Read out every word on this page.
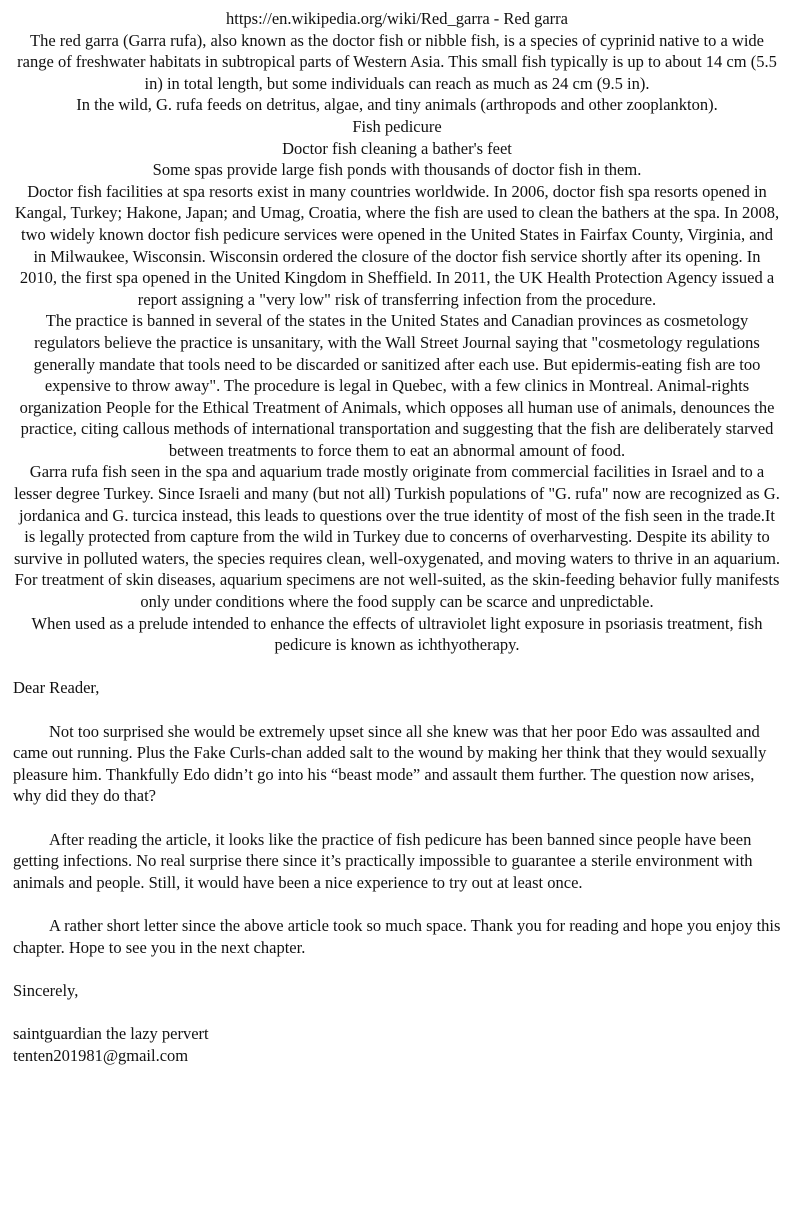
https://en.wikipedia.org/wiki/Red_garra - Red garra

The red garra (Garra rufa), also known as the doctor fish or nibble fish, is a species of cyprinid native to a wide range of freshwater habitats in subtropical parts of Western Asia. This small fish typically is up to about 14 cm (5.5 in) in total length, but some individuals can reach as much as 24 cm (9.5 in).

In the wild, G. rufa feeds on detritus, algae, and tiny animals (arthropods and other zooplankton).

Fish pedicure

Doctor fish cleaning a bather's feet

Some spas provide large fish ponds with thousands of doctor fish in them.

Doctor fish facilities at spa resorts exist in many countries worldwide. In 2006, doctor fish spa resorts opened in Kangal, Turkey; Hakone, Japan; and Umag, Croatia, where the fish are used to clean the bathers at the spa. In 2008, two widely known doctor fish pedicure services were opened in the United States in Fairfax County, Virginia, and in Milwaukee, Wisconsin. Wisconsin ordered the closure of the doctor fish service shortly after its opening. In 2010, the first spa opened in the United Kingdom in Sheffield. In 2011, the UK Health Protection Agency issued a report assigning a "very low" risk of transferring infection from the procedure.

The practice is banned in several of the states in the United States and Canadian provinces as cosmetology regulators believe the practice is unsanitary, with the Wall Street Journal saying that "cosmetology regulations generally mandate that tools need to be discarded or sanitized after each use. But epidermis-eating fish are too expensive to throw away". The procedure is legal in Quebec, with a few clinics in Montreal. Animal-rights organization People for the Ethical Treatment of Animals, which opposes all human use of animals, denounces the practice, citing callous methods of international transportation and suggesting that the fish are deliberately starved between treatments to force them to eat an abnormal amount of food.

Garra rufa fish seen in the spa and aquarium trade mostly originate from commercial facilities in Israel and to a lesser degree Turkey. Since Israeli and many (but not all) Turkish populations of "G. rufa" now are recognized as G. jordanica and G. turcica instead, this leads to questions over the true identity of most of the fish seen in the trade.It is legally protected from capture from the wild in Turkey due to concerns of overharvesting. Despite its ability to survive in polluted waters, the species requires clean, well-oxygenated, and moving waters to thrive in an aquarium. For treatment of skin diseases, aquarium specimens are not well-suited, as the skin-feeding behavior fully manifests only under conditions where the food supply can be scarce and unpredictable.

When used as a prelude intended to enhance the effects of ultraviolet light exposure in psoriasis treatment, fish pedicure is known as ichthyotherapy.

Dear Reader,

Not too surprised she would be extremely upset since all she knew was that her poor Edo was assaulted and came out running. Plus the Fake Curls-chan added salt to the wound by making her think that they would sexually pleasure him. Thankfully Edo didn’t go into his “beast mode” and assault them further. The question now arises, why did they do that?

After reading the article, it looks like the practice of fish pedicure has been banned since people have been getting infections. No real surprise there since it’s practically impossible to guarantee a sterile environment with animals and people. Still, it would have been a nice experience to try out at least once.

A rather short letter since the above article took so much space. Thank you for reading and hope you enjoy this chapter. Hope to see you in the next chapter.

Sincerely,

saintguardian the lazy pervert

tenten201981@gmail.com
